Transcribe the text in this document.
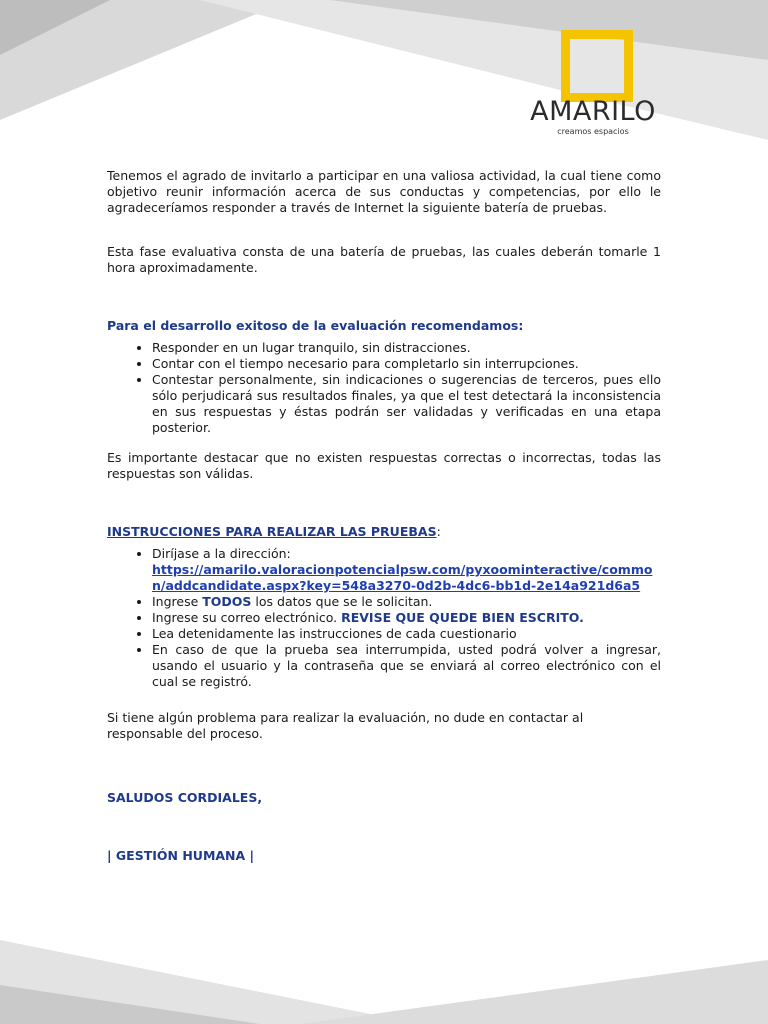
AMARILO
creamos espacios

Tenemos el agrado de invitarlo a participar en una valiosa actividad, la cual tiene como objetivo reunir información acerca de sus conductas y competencias, por ello le agradeceríamos responder a través de Internet la siguiente batería de pruebas.

Esta fase evaluativa consta de una batería de pruebas, las cuales deberán tomarle 1 hora aproximadamente.

Para el desarrollo exitoso de la evaluación recomendamos:

• Responder en un lugar tranquilo, sin distracciones.
• Contar con el tiempo necesario para completarlo sin interrupciones.
• Contestar personalmente, sin indicaciones o sugerencias de terceros, pues ello sólo perjudicará sus resultados finales, ya que el test detectará la inconsistencia en sus respuestas y éstas podrán ser validadas y verificadas en una etapa posterior.

Es importante destacar que no existen respuestas correctas o incorrectas, todas las respuestas son válidas.

INSTRUCCIONES PARA REALIZAR LAS PRUEBAS:

• Diríjase a la dirección:
https://amarilo.valoracionpotencialpsw.com/pyxoominteractive/common/addcandidate.aspx?key=548a3270-0d2b-4dc6-bb1d-2e14a921d6a5
• Ingrese TODOS los datos que se le solicitan.
• Ingrese su correo electrónico. REVISE QUE QUEDE BIEN ESCRITO.
• Lea detenidamente las instrucciones de cada cuestionario
• En caso de que la prueba sea interrumpida, usted podrá volver a ingresar, usando el usuario y la contraseña que se enviará al correo electrónico con el cual se registró.

Si tiene algún problema para realizar la evaluación, no dude en contactar al responsable del proceso.

SALUDOS CORDIALES,

| GESTIÓN HUMANA |
